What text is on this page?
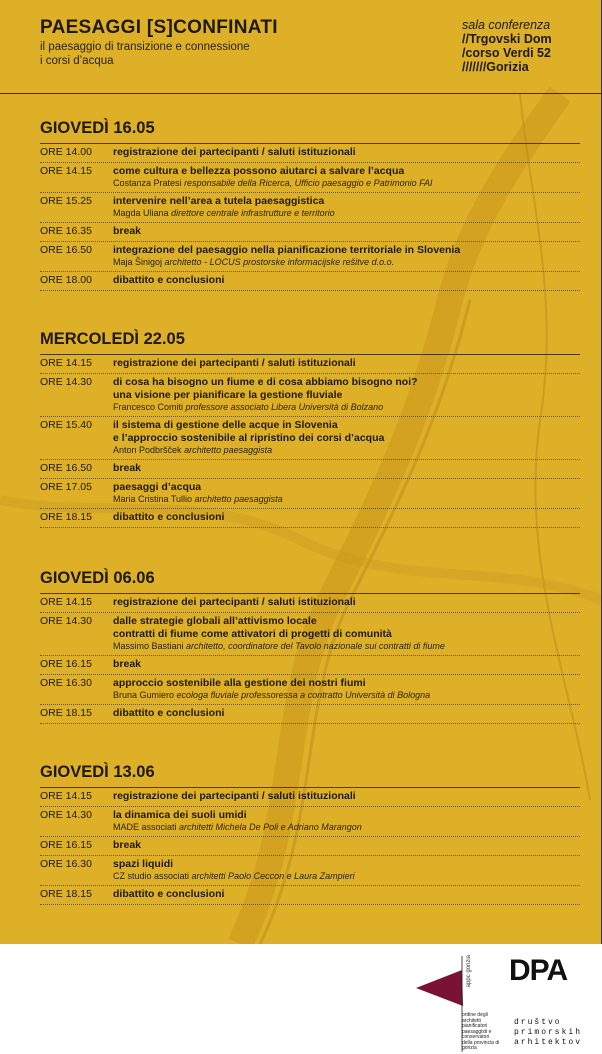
PAESAGGI [S]CONFINATI
il paesaggio di transizione e connessione
i corsi d’acqua
sala conferenza
//Trgovski Dom
/corso Verdi 52
///////Gorizia
GIOVEDÌ 16.05
ORE 14.00 registrazione dei partecipanti / saluti istituzionali
ORE 14.15 come cultura e bellezza possono aiutarci a salvare l’acqua
Costanza Pratesi responsabile della Ricerca, Ufficio paesaggio e Patrimonio FAI
ORE 15.25 intervenire nell’area a tutela paesaggistica
Magda Uliana direttore centrale infrastrutture e territorio
ORE 16.35 break
ORE 16.50 integrazione del paesaggio nella pianificazione territoriale in Slovenia
Maja Šinigoj architetto - LOCUS prostorske informacijske rešitve d.o.o.
ORE 18.00 dibattito e conclusioni
MERCOLEDÌ 22.05
ORE 14.15 registrazione dei partecipanti / saluti istituzionali
ORE 14.30 di cosa ha bisogno un fiume e di cosa abbiamo bisogno noi?
una visione per pianificare la gestione fluviale
Francesco Comiti professore associato Libera Università di Bolzano
ORE 15.40 il sistema di gestione delle acque in Slovenia
e l’approccio sostenibile al ripristino dei corsi d’acqua
Anton Podbršček architetto paesaggista
ORE 16.50 break
ORE 17.05 paesaggi d’acqua
Maria Cristina Tullio architetto paesaggista
ORE 18.15 dibattito e conclusioni
GIOVEDÌ 06.06
ORE 14.15 registrazione dei partecipanti / saluti istituzionali
ORE 14.30 dalle strategie globali all’attivismo locale
contratti di fiume come attivatori di progetti di comunità
Massimo Bastiani architetto, coordinatore del Tavolo nazionale sui contratti di fiume
ORE 16.15 break
ORE 16.30 approccio sostenibile alla gestione dei nostri fiumi
Bruna Gumiero ecologa fluviale professoressa a contratto Università di Bologna
ORE 18.15 dibattito e conclusioni
GIOVEDÌ 13.06
ORE 14.15 registrazione dei partecipanti / saluti istituzionali
ORE 14.30 la dinamica dei suoli umidi
MADE associati architetti Michela De Poli e Adriano Marangon
ORE 16.15 break
ORE 16.30 spazi liquidi
CZ studio associati architetti Paolo Ceccon e Laura Zampieri
ORE 18.15 dibattito e conclusioni
appc gorizia
ordine degli architetti
pianificatori
paesaggisti e
conservatori
della provincia di
gorizia
DPA
društvo
primorskih
arhitektov
